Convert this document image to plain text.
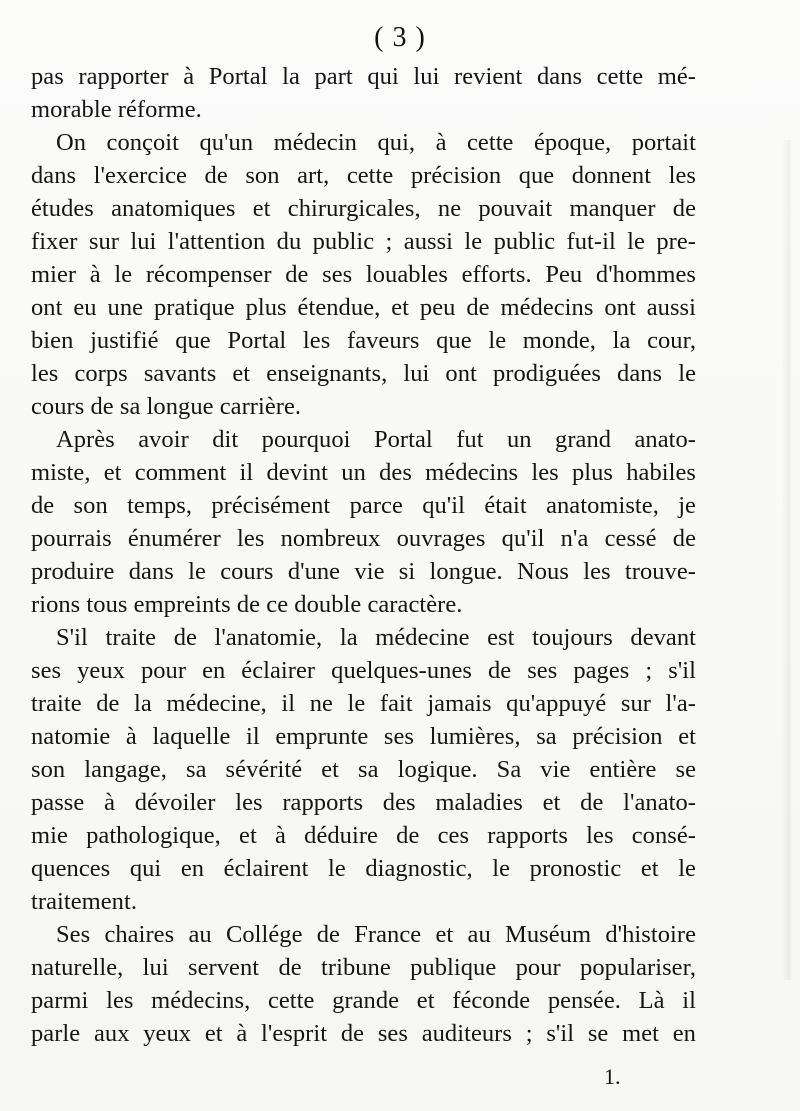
( 3 )
pas rapporter à Portal la part qui lui revient dans cette mé-
morable réforme.
On conçoit qu'un médecin qui, à cette époque, portait
dans l'exercice de son art, cette précision que donnent les
études anatomiques et chirurgicales, ne pouvait manquer de
fixer sur lui l'attention du public ; aussi le public fut-il le pre-
mier à le récompenser de ses louables efforts. Peu d'hommes
ont eu une pratique plus étendue, et peu de médecins ont aussi
bien justifié que Portal les faveurs que le monde, la cour,
les corps savants et enseignants, lui ont prodiguées dans le
cours de sa longue carrière.
Après avoir dit pourquoi Portal fut un grand anato-
miste, et comment il devint un des médecins les plus habiles
de son temps, précisément parce qu'il était anatomiste, je
pourrais énumérer les nombreux ouvrages qu'il n'a cessé de
produire dans le cours d'une vie si longue. Nous les trouve-
rions tous empreints de ce double caractère.
S'il traite de l'anatomie, la médecine est toujours devant
ses yeux pour en éclairer quelques-unes de ses pages ; s'il
traite de la médecine, il ne le fait jamais qu'appuyé sur l'a-
natomie à laquelle il emprunte ses lumières, sa précision et
son langage, sa sévérité et sa logique. Sa vie entière se
passe à dévoiler les rapports des maladies et de l'anato-
mie pathologique, et à déduire de ces rapports les consé-
quences qui en éclairent le diagnostic, le pronostic et le
traitement.
Ses chaires au Collége de France et au Muséum d'histoire
naturelle, lui servent de tribune publique pour populariser,
parmi les médecins, cette grande et féconde pensée. Là il
parle aux yeux et à l'esprit de ses auditeurs ; s'il se met en
1.
